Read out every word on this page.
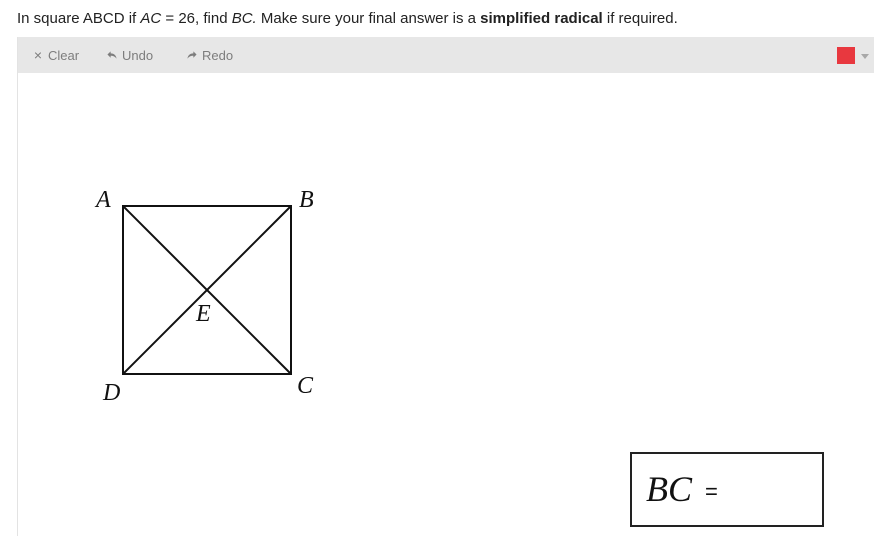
In square ABCD if AC = 26, find BC. Make sure your final answer is a simplified radical if required.
× Clear	Undo	Redo
A	B
C
D
E
BC =
